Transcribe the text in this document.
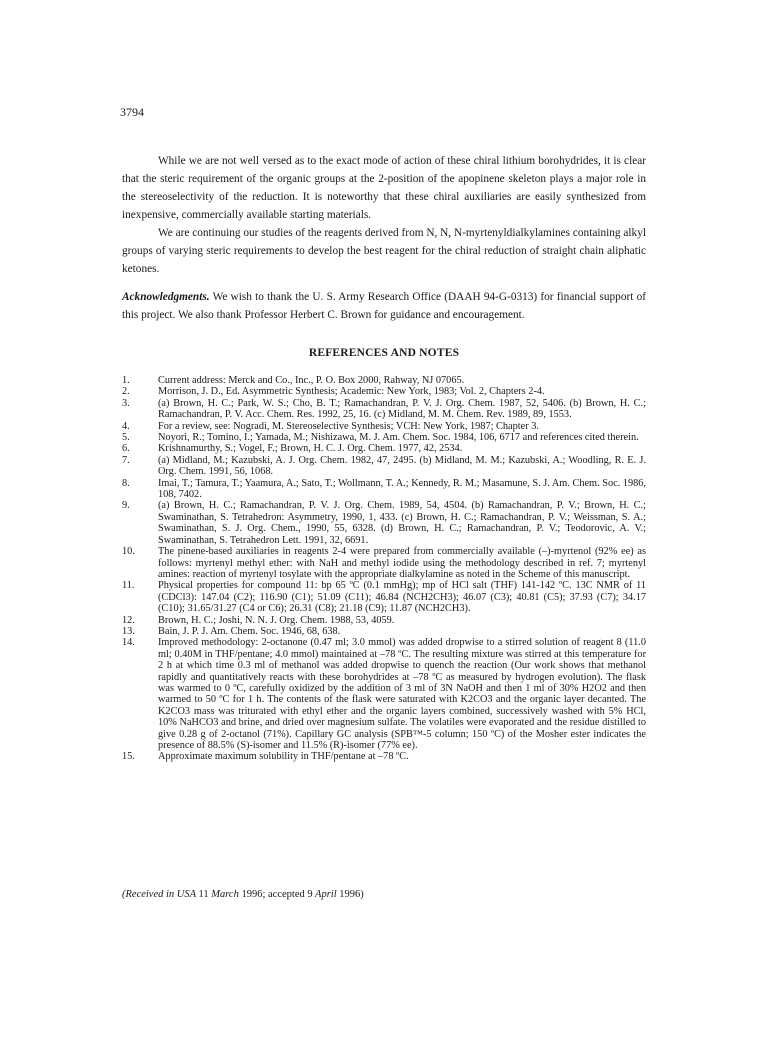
3794

While we are not well versed as to the exact mode of action of these chiral lithium borohydrides, it is clear that the steric requirement of the organic groups at the 2-position of the apopinene skeleton plays a major role in the stereoselectivity of the reduction. It is noteworthy that these chiral auxiliaries are easily synthesized from inexpensive, commercially available starting materials.

We are continuing our studies of the reagents derived from N, N, N-myrtenyldialkylamines containing alkyl groups of varying steric requirements to develop the best reagent for the chiral reduction of straight chain aliphatic ketones.

Acknowledgments. We wish to thank the U. S. Army Research Office (DAAH 94-G-0313) for financial support of this project. We also thank Professor Herbert C. Brown for guidance and encouragement.

REFERENCES AND NOTES
1.	Current address: Merck and Co., Inc., P. O. Box 2000, Rahway, NJ 07065.
2.	Morrison, J. D., Ed. Asymmetric Synthesis; Academic: New York, 1983; Vol. 2, Chapters 2-4.
3.	(a) Brown, H. C.; Park, W. S.; Cho, B. T.; Ramachandran, P. V. J. Org. Chem. 1987, 52, 5406. (b) Brown, H. C.; Ramachandran, P. V. Acc. Chem. Res. 1992, 25, 16. (c) Midland, M. M. Chem. Rev. 1989, 89, 1553.
4.	For a review, see: Nogradi, M. Stereoselective Synthesis; VCH: New York, 1987; Chapter 3.
5.	Noyori, R.; Tomino, I.; Yamada, M.; Nishizawa, M. J. Am. Chem. Soc. 1984, 106, 6717 and references cited therein.
6.	Krishnamurthy, S.; Vogel, F.; Brown, H. C. J. Org. Chem. 1977, 42, 2534.
7.	(a) Midland, M.; Kazubski, A. J. Org. Chem. 1982, 47, 2495. (b) Midland, M. M.; Kazubski, A.; Woodling, R. E. J. Org. Chem. 1991, 56, 1068.
8.	Imai, T.; Tamura, T.; Yaamura, A.; Sato, T.; Wollmann, T. A.; Kennedy, R. M.; Masamune, S. J. Am. Chem. Soc. 1986, 108, 7402.
9.	(a) Brown, H. C.; Ramachandran, P. V. J. Org. Chem. 1989, 54, 4504. (b) Ramachandran, P. V.; Brown, H. C.; Swaminathan, S. Tetrahedron: Asymmetry, 1990, 1, 433. (c) Brown, H. C.; Ramachandran, P. V.; Weissman, S. A.; Swaminathan, S. J. Org. Chem., 1990, 55, 6328. (d) Brown, H. C.; Ramachandran, P. V.; Teodorovic, A. V.; Swaminathan, S. Tetrahedron Lett. 1991, 32, 6691.
10.	The pinene-based auxiliaries in reagents 2-4 were prepared from commercially available (–)-myrtenol (92% ee) as follows: myrtenyl methyl ether: with NaH and methyl iodide using the methodology described in ref. 7; myrtenyl amines: reaction of myrtenyl tosylate with the appropriate dialkylamine as noted in the Scheme of this manuscript.
11.	Physical properties for compound 11: bp 65 ºC (0.1 mmHg); mp of HCl salt (THF) 141-142 ºC. 13C NMR of 11 (CDCl3): 147.04 (C2); 116.90 (C1); 51.09 (C11); 46.84 (NCH2CH3); 46.07 (C3); 40.81 (C5); 37.93 (C7); 34.17 (C10); 31.65/31.27 (C4 or C6); 26.31 (C8); 21.18 (C9); 11.87 (NCH2CH3).
12.	Brown, H. C.; Joshi, N. N. J. Org. Chem. 1988, 53, 4059.
13.	Bain, J. P. J. Am. Chem. Soc. 1946, 68, 638.
14.	Improved methodology: 2-octanone (0.47 ml; 3.0 mmol) was added dropwise to a stirred solution of reagent 8 (11.0 ml; 0.40M in THF/pentane; 4.0 mmol) maintained at –78 ºC. The resulting mixture was stirred at this temperature for 2 h at which time 0.3 ml of methanol was added dropwise to quench the reaction (Our work shows that methanol rapidly and quantitatively reacts with these borohydrides at –78 ºC as measured by hydrogen evolution). The flask was warmed to 0 ºC, carefully oxidized by the addition of 3 ml of 3N NaOH and then 1 ml of 30% H2O2 and then warmed to 50 ºC for 1 h. The contents of the flask were saturated with K2CO3 and the organic layer decanted. The K2CO3 mass was triturated with ethyl ether and the organic layers combined, successively washed with 5% HCl, 10% NaHCO3 and brine, and dried over magnesium sulfate. The volatiles were evaporated and the residue distilled to give 0.28 g of 2-octanol (71%). Capillary GC analysis (SPB™-5 column; 150 ºC) of the Mosher ester indicates the presence of 88.5% (S)-isomer and 11.5% (R)-isomer (77% ee).
15.	Approximate maximum solubility in THF/pentane at –78 ºC.
(Received in USA 11 March 1996; accepted 9 April 1996)
